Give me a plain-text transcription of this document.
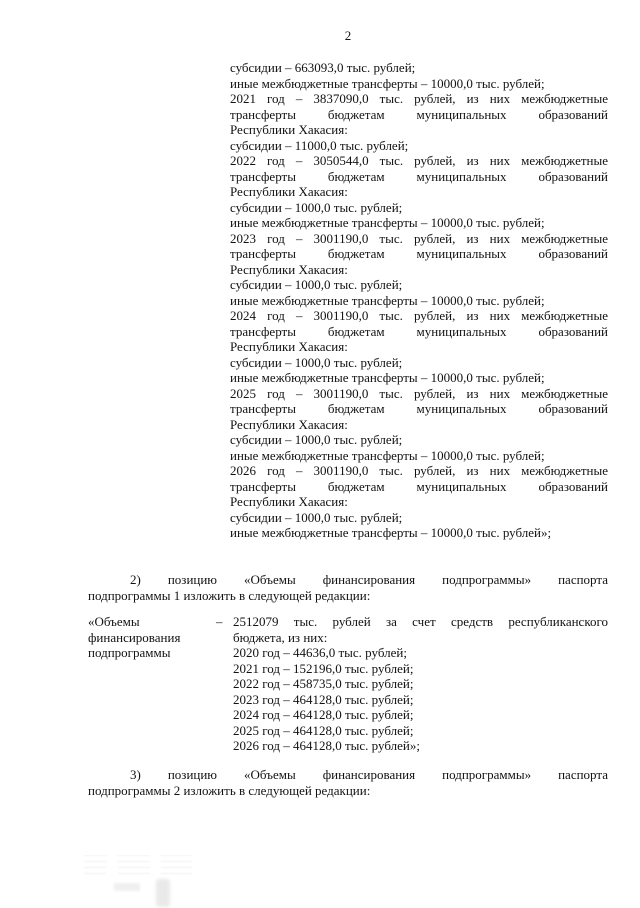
2
субсидии – 663093,0 тыс. рублей;
иные межбюджетные трансферты – 10000,0 тыс. рублей;
2021 год – 3837090,0 тыс. рублей, из них межбюджетные
трансферты бюджетам муниципальных образований
Республики Хакасия:
субсидии – 11000,0 тыс. рублей;
2022 год – 3050544,0 тыс. рублей, из них межбюджетные
трансферты бюджетам муниципальных образований
Республики Хакасия:
субсидии – 1000,0 тыс. рублей;
иные межбюджетные трансферты – 10000,0 тыс. рублей;
2023 год – 3001190,0 тыс. рублей, из них межбюджетные
трансферты бюджетам муниципальных образований
Республики Хакасия:
субсидии – 1000,0 тыс. рублей;
иные межбюджетные трансферты – 10000,0 тыс. рублей;
2024 год – 3001190,0 тыс. рублей, из них межбюджетные
трансферты бюджетам муниципальных образований
Республики Хакасия:
субсидии – 1000,0 тыс. рублей;
иные межбюджетные трансферты – 10000,0 тыс. рублей;
2025 год – 3001190,0 тыс. рублей, из них межбюджетные
трансферты бюджетам муниципальных образований
Республики Хакасия:
субсидии – 1000,0 тыс. рублей;
иные межбюджетные трансферты – 10000,0 тыс. рублей;
2026 год – 3001190,0 тыс. рублей, из них межбюджетные
трансферты бюджетам муниципальных образований
Республики Хакасия:
субсидии – 1000,0 тыс. рублей;
иные межбюджетные трансферты – 10000,0 тыс. рублей»;
2) позицию «Объемы финансирования подпрограммы» паспорта
подпрограммы 1 изложить в следующей редакции:
«Объемы
финансирования
подпрограммы
– 2512079 тыс. рублей за счет средств республиканского
бюджета, из них:
2020 год – 44636,0 тыс. рублей;
2021 год – 152196,0 тыс. рублей;
2022 год – 458735,0 тыс. рублей;
2023 год – 464128,0 тыс. рублей;
2024 год – 464128,0 тыс. рублей;
2025 год – 464128,0 тыс. рублей;
2026 год – 464128,0 тыс. рублей»;
3) позицию «Объемы финансирования подпрограммы» паспорта
подпрограммы 2 изложить в следующей редакции:
